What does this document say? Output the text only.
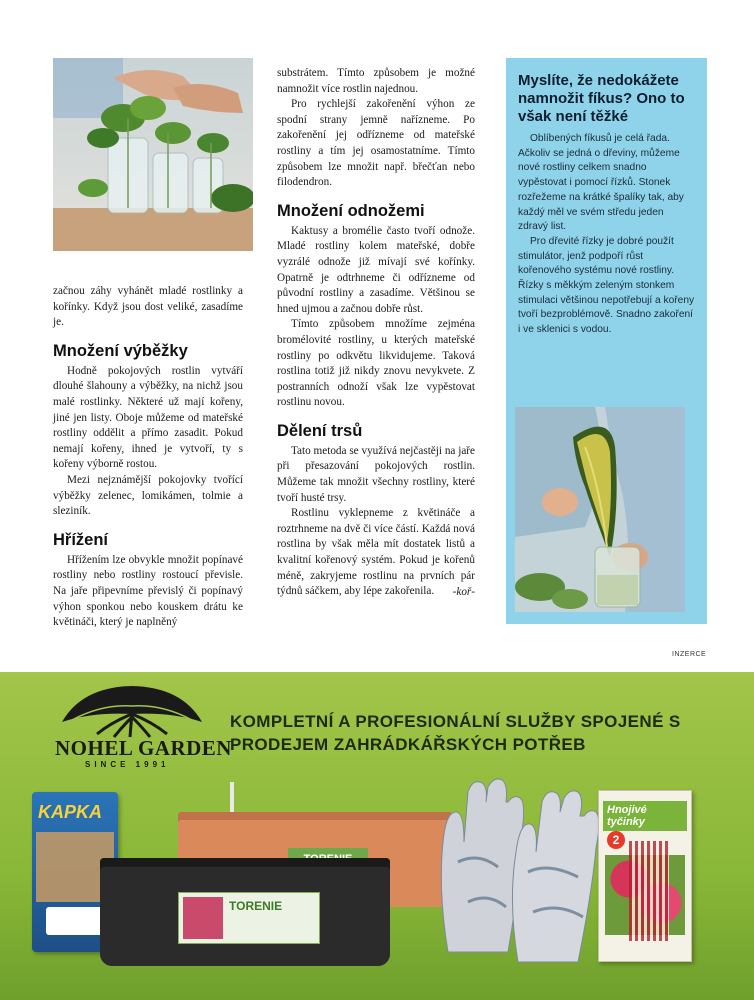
začnou záhy vyhánět mladé rostlinky a kořínky. Když jsou dost veliké, zasadíme je.

Množení výběžky

Hodně pokojových rostlin vytváří dlouhé šlahouny a výběžky, na nichž jsou malé rostlinky. Některé už mají kořeny, jiné jen listy. Oboje můžeme od mateřské rostliny oddělit a přímo zasadit. Pokud nemají kořeny, ihned je vytvoří, ty s kořeny výborně rostou.

Mezi nejznámější pokojovky tvořící výběžky zelenec, lomikámen, tolmie a sleziník.

Hřížení

Hřížením lze obvykle množit popínavé rostliny nebo rostliny rostoucí převisle. Na jaře připevníme převislý či popínavý výhon sponkou nebo kouskem drátu ke květináči, který je naplněný

substrátem. Tímto způsobem je možné namnožit více rostlin najednou.

Pro rychlejší zakořenění výhon ze spodní strany jemně nařízneme. Po zakořenění jej odřízneme od mateřské rostliny a tím jej osamostatníme. Tímto způsobem lze množit např. břečťan nebo filodendron.

Množení odnožemi

Kaktusy a bromélie často tvoří odnože. Mladé rostliny kolem mateřské, dobře vyzrálé odnože již mívají své kořínky. Opatrně je odtrhneme či odřízneme od původní rostliny a zasadíme. Většinou se hned ujmou a začnou dobře růst.

Tímto způsobem množíme zejména bromélovité rostliny, u kterých mateřské rostliny po odkvětu likvidujeme. Taková rostlina totiž již nikdy znovu nevykvete. Z postranních odnoží však lze vypěstovat rostlinu novou.

Dělení trsů

Tato metoda se využívá nejčastěji na jaře při přesazování pokojových rostlin. Můžeme tak množit všechny rostliny, které tvoří husté trsy.

Rostlinu vyklepneme z květináče a roztrhneme na dvě či více částí. Každá nová rostlina by však měla mít dostatek listů a kvalitní kořenový systém. Pokud je kořenů méně, zakryjeme rostlinu na prvních pár týdnů sáčkem, aby lépe zakořenila.	-koř-
Myslíte, že nedokážete namnožit fíkus? Ono to však není těžké

Oblíbených fíkusů je celá řada. Ačkoliv se jedná o dřeviny, můžeme nové rostliny celkem snadno vypěstovat i pomocí řízků. Stonek rozřežeme na krátké špalíky tak, aby každý měl ve svém středu jeden zdravý list.

Pro dřevité řízky je dobré použít stimulátor, jenž podpoří růst kořenového systému nové rostliny. Řízky s měkkým zeleným stonkem stimulaci většinou nepotřebují a kořeny tvoří bezproblémově. Snadno zakoření i ve sklenici s vodou.

INZERCE
NOHEL GARDEN
SINCE 1991
KOMPLETNÍ A PROFESIONÁLNÍ SLUŽBY SPOJENÉ S PRODEJEM ZAHRÁDKÁŘSKÝCH POTŘEB
KAPKA
TORENIE
Hnojivé tyčinky
2
